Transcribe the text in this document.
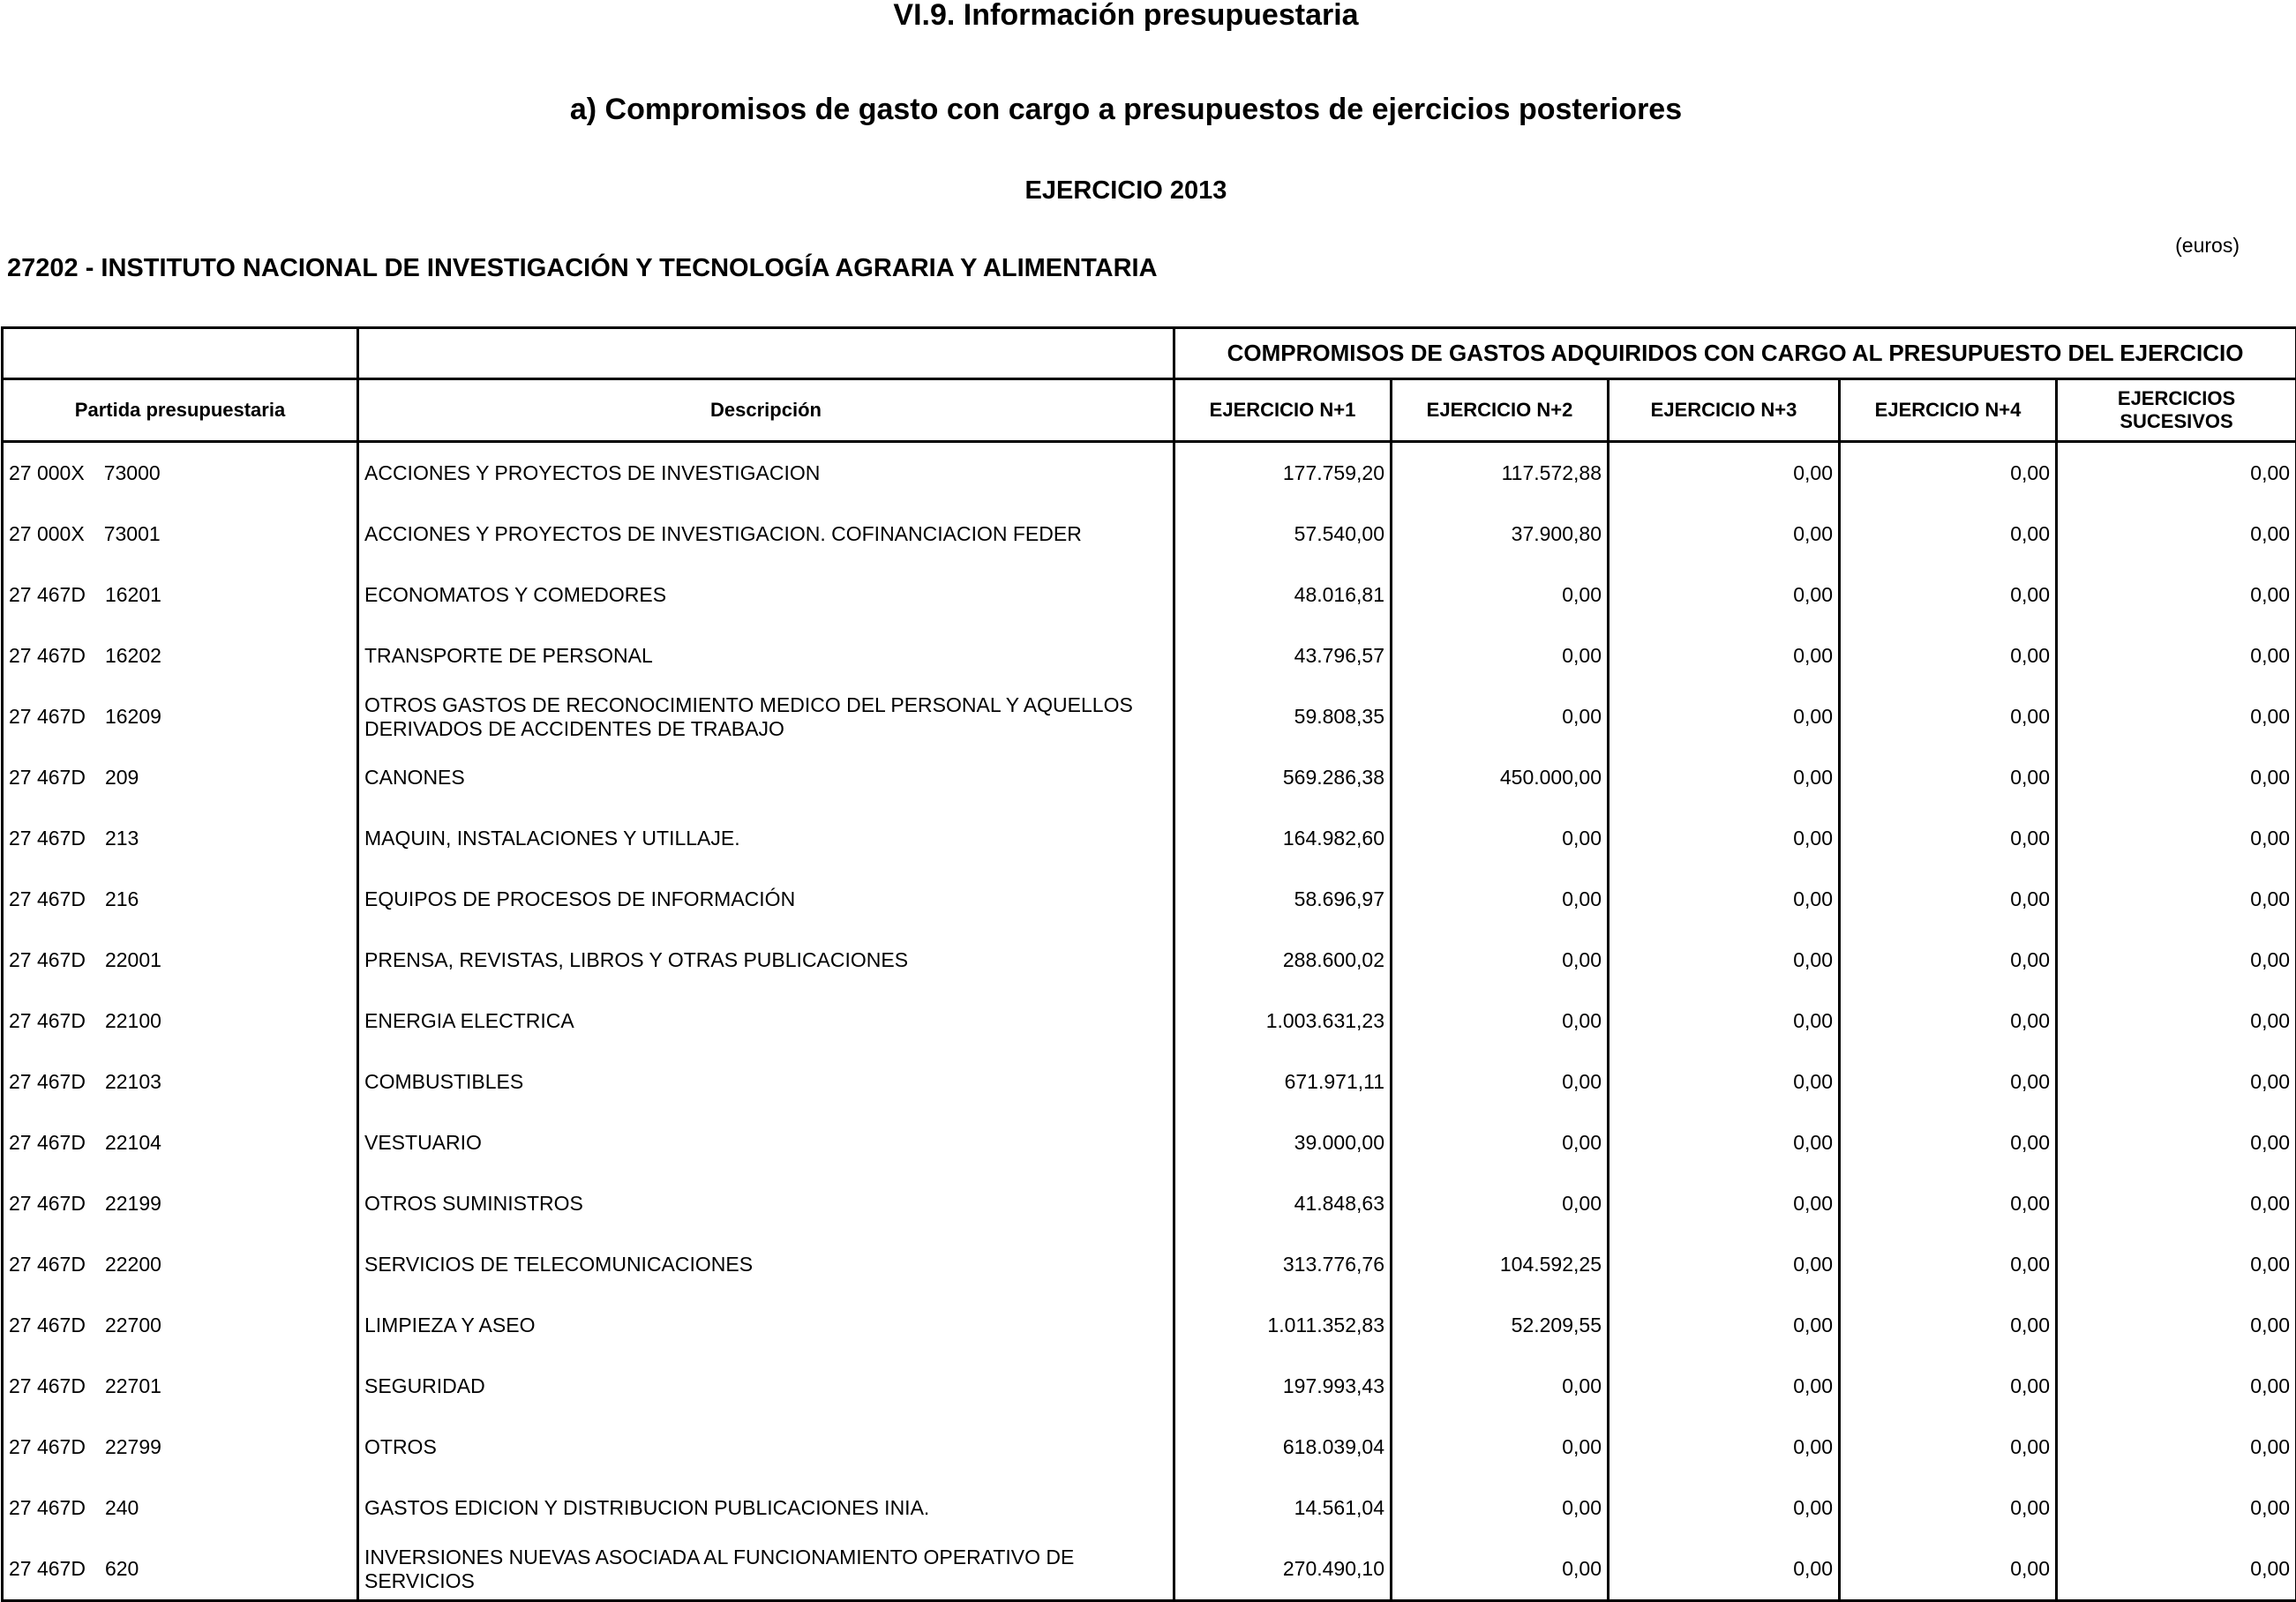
VI.9. Información presupuestaria
a) Compromisos de gasto con cargo a presupuestos de ejercicios posteriores
EJERCICIO 2013
27202 - INSTITUTO NACIONAL DE INVESTIGACIÓN Y TECNOLOGÍA AGRARIA Y ALIMENTARIA
(euros)
		COMPROMISOS DE GASTOS ADQUIRIDOS CON CARGO AL PRESUPUESTO DEL EJERCICIO				
Partida presupuestaria	Descripción	EJERCICIO N+1	EJERCICIO N+2	EJERCICIO N+3	EJERCICIO N+4	EJERCICIOS
SUCESIVOS
27 000X 73000	ACCIONES Y PROYECTOS DE INVESTIGACION	177.759,20	117.572,88	0,00	0,00	0,00
27 000X 73001	ACCIONES Y PROYECTOS DE INVESTIGACION. COFINANCIACION FEDER	57.540,00	37.900,80	0,00	0,00	0,00
27 467D 16201	ECONOMATOS Y COMEDORES	48.016,81	0,00	0,00	0,00	0,00
27 467D 16202	TRANSPORTE DE PERSONAL	43.796,57	0,00	0,00	0,00	0,00
27 467D 16209	OTROS GASTOS DE RECONOCIMIENTO MEDICO DEL PERSONAL Y AQUELLOS DERIVADOS DE ACCIDENTES DE TRABAJO	59.808,35	0,00	0,00	0,00	0,00
27 467D 209	CANONES	569.286,38	450.000,00	0,00	0,00	0,00
27 467D 213	MAQUIN, INSTALACIONES Y UTILLAJE.	164.982,60	0,00	0,00	0,00	0,00
27 467D 216	EQUIPOS DE PROCESOS DE INFORMACIÓN	58.696,97	0,00	0,00	0,00	0,00
27 467D 22001	PRENSA, REVISTAS, LIBROS Y OTRAS PUBLICACIONES	288.600,02	0,00	0,00	0,00	0,00
27 467D 22100	ENERGIA ELECTRICA	1.003.631,23	0,00	0,00	0,00	0,00
27 467D 22103	COMBUSTIBLES	671.971,11	0,00	0,00	0,00	0,00
27 467D 22104	VESTUARIO	39.000,00	0,00	0,00	0,00	0,00
27 467D 22199	OTROS SUMINISTROS	41.848,63	0,00	0,00	0,00	0,00
27 467D 22200	SERVICIOS DE TELECOMUNICACIONES	313.776,76	104.592,25	0,00	0,00	0,00
27 467D 22700	LIMPIEZA Y ASEO	1.011.352,83	52.209,55	0,00	0,00	0,00
27 467D 22701	SEGURIDAD	197.993,43	0,00	0,00	0,00	0,00
27 467D 22799	OTROS	618.039,04	0,00	0,00	0,00	0,00
27 467D 240	GASTOS EDICION Y DISTRIBUCION PUBLICACIONES INIA.	14.561,04	0,00	0,00	0,00	0,00
27 467D 620	INVERSIONES NUEVAS ASOCIADA AL FUNCIONAMIENTO OPERATIVO DE SERVICIOS	270.490,10	0,00	0,00	0,00	0,00
